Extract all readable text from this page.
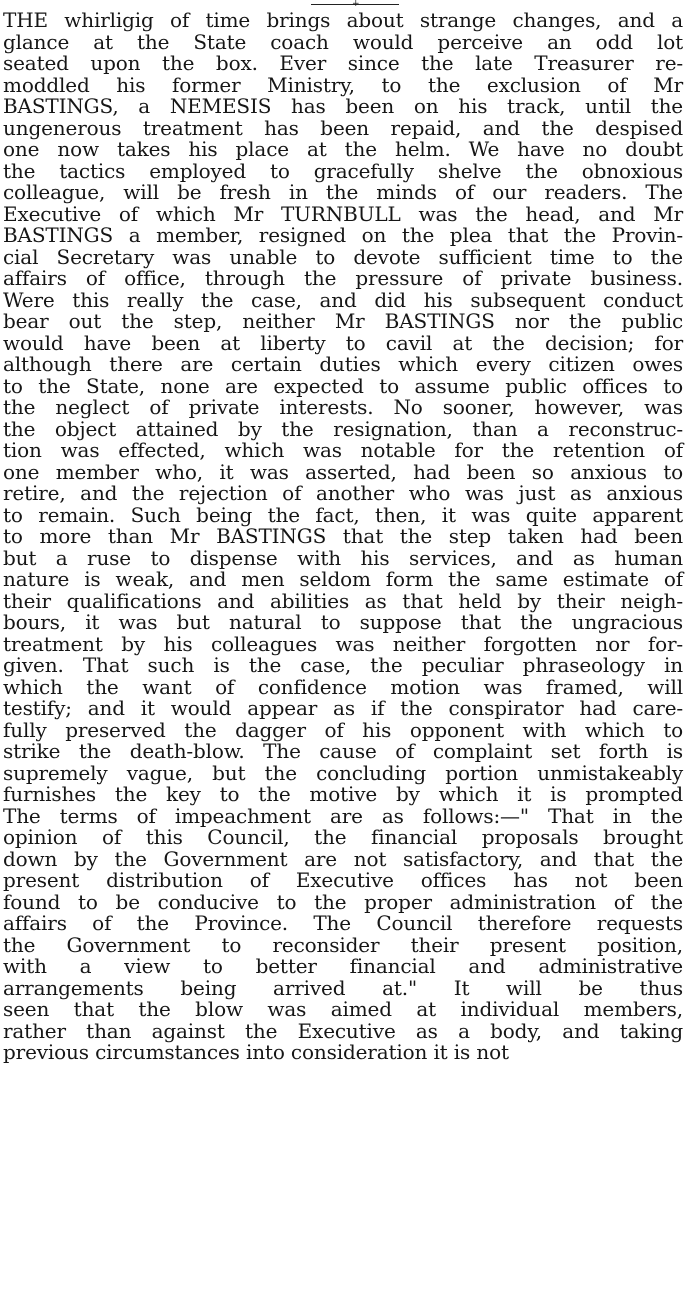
+
THE whirligig of time brings about strange changes, and a
glance at the State coach would perceive an odd lot
seated upon the box. Ever since the late Treasurer re-
moddled his former Ministry, to the exclusion of Mr
BASTINGS, a NEMESIS has been on his track, until the
ungenerous treatment has been repaid, and the despised
one now takes his place at the helm. We have no doubt
the tactics employed to gracefully shelve the obnoxious
colleague, will be fresh in the minds of our readers. The
Executive of which Mr TURNBULL was the head, and Mr
BASTINGS a member, resigned on the plea that the Provin-
cial Secretary was unable to devote sufficient time to the
affairs of office, through the pressure of private business.
Were this really the case, and did his subsequent conduct
bear out the step, neither Mr BASTINGS nor the public
would have been at liberty to cavil at the decision; for
although there are certain duties which every citizen owes
to the State, none are expected to assume public offices to
the neglect of private interests. No sooner, however, was
the object attained by the resignation, than a reconstruc-
tion was effected, which was notable for the retention of
one member who, it was asserted, had been so anxious to
retire, and the rejection of another who was just as anxious
to remain. Such being the fact, then, it was quite apparent
to more than Mr BASTINGS that the step taken had been
but a ruse to dispense with his services, and as human
nature is weak, and men seldom form the same estimate of
their qualifications and abilities as that held by their neigh-
bours, it was but natural to suppose that the ungracious
treatment by his colleagues was neither forgotten nor for-
given. That such is the case, the peculiar phraseology in
which the want of confidence motion was framed, will
testify; and it would appear as if the conspirator had care-
fully preserved the dagger of his opponent with which to
strike the death-blow. The cause of complaint set forth is
supremely vague, but the concluding portion unmistakeably
furnishes the key to the motive by which it is prompted
The terms of impeachment are as follows:—" That in the
opinion of this Council, the financial proposals brought
down by the Government are not satisfactory, and that the
present distribution of Executive offices has not been
found to be conducive to the proper administration of the
affairs of the Province. The Council therefore requests
the Government to reconsider their present position,
with a view to better financial and administrative
arrangements being arrived at." It will be thus
seen that the blow was aimed at individual members,
rather than against the Executive as a body, and taking
previous circumstances into consideration it is not
